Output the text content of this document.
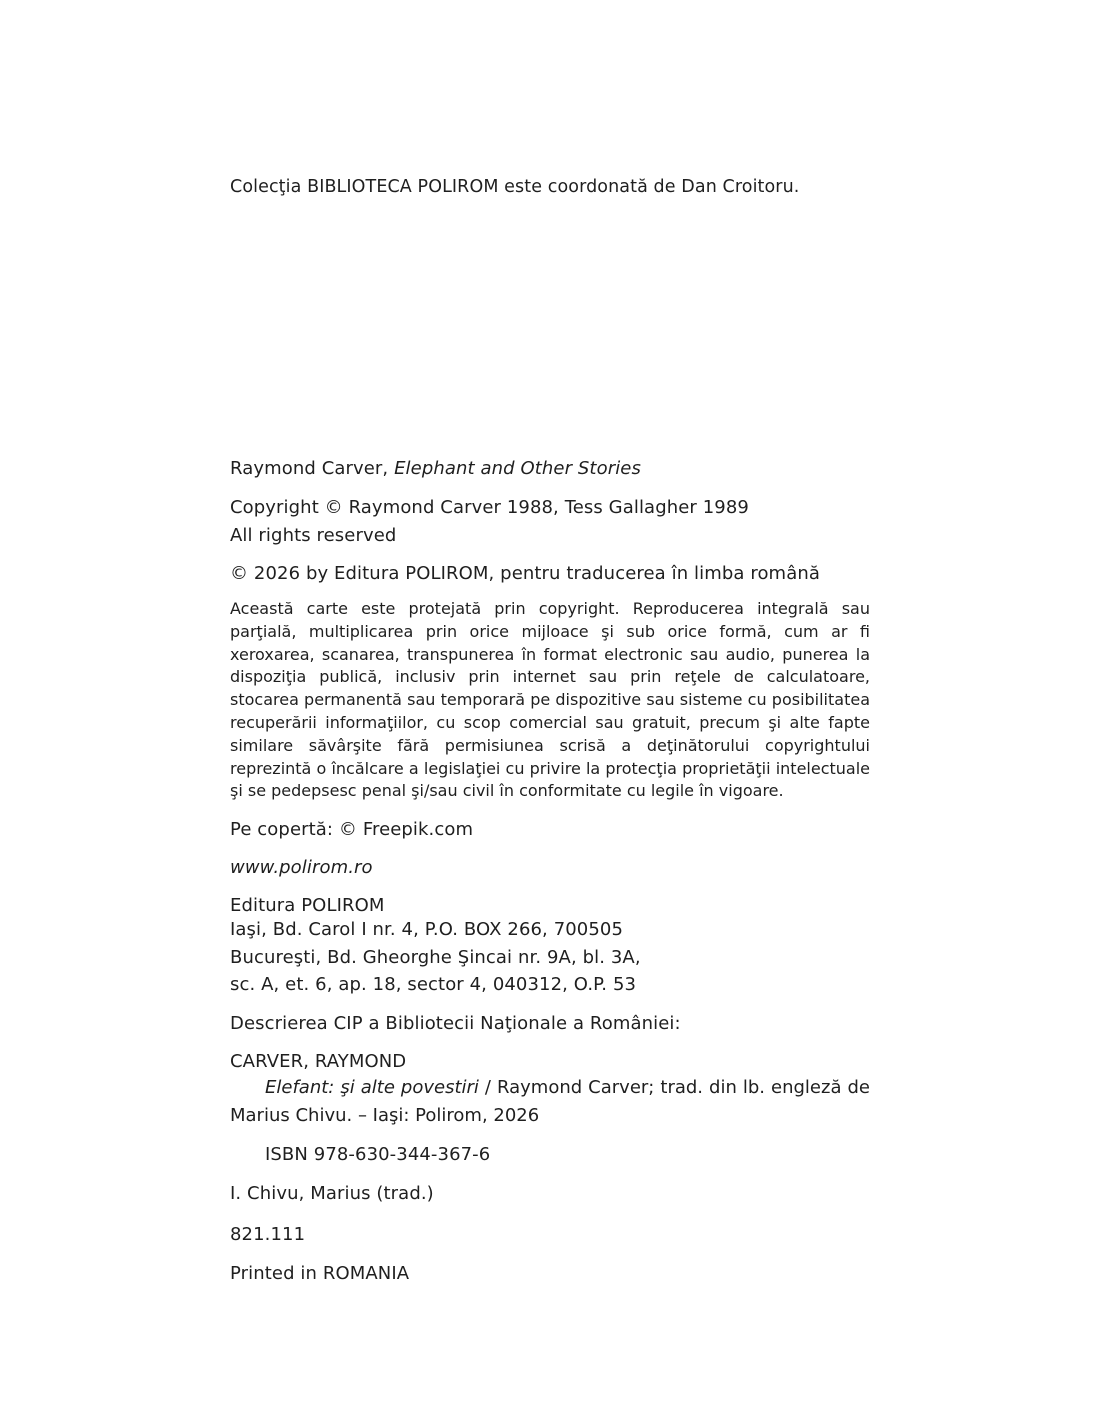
Colecţia BIBLIOTECA POLIROM este coordonată de Dan Croitoru.
Raymond Carver, Elephant and Other Stories
Copyright © Raymond Carver 1988, Tess Gallagher 1989
All rights reserved
© 2026 by Editura POLIROM, pentru traducerea în limba română
Această carte este protejată prin copyright. Reproducerea integrală sau parţială, multiplicarea prin orice mijloace şi sub orice formă, cum ar fi xeroxarea, scanarea, transpunerea în format electronic sau audio, punerea la dispoziţia publică, inclusiv prin internet sau prin reţele de calculatoare, stocarea permanentă sau temporară pe dispozitive sau sisteme cu posibilitatea recuperării informaţiilor, cu scop comercial sau gratuit, precum şi alte fapte similare săvârşite fără permisiunea scrisă a deţinătorului copyrightului reprezintă o încălcare a legislaţiei cu privire la protecţia proprietăţii intelectuale şi se pedepsesc penal şi/sau civil în conformitate cu legile în vigoare.
Pe copertă: © Freepik.com
www.polirom.ro
Editura POLIROM
Iaşi, Bd. Carol I nr. 4, P.O. BOX 266, 700505
Bucureşti, Bd. Gheorghe Şincai nr. 9A, bl. 3A,
sc. A, et. 6, ap. 18, sector 4, 040312, O.P. 53
Descrierea CIP a Bibliotecii Naţionale a României:
CARVER, RAYMOND
Elefant: şi alte povestiri / Raymond Carver; trad. din lb. engleză de Marius Chivu. – Iaşi: Polirom, 2026
ISBN 978-630-344-367-6
I. Chivu, Marius (trad.)
821.111
Printed in ROMANIA
